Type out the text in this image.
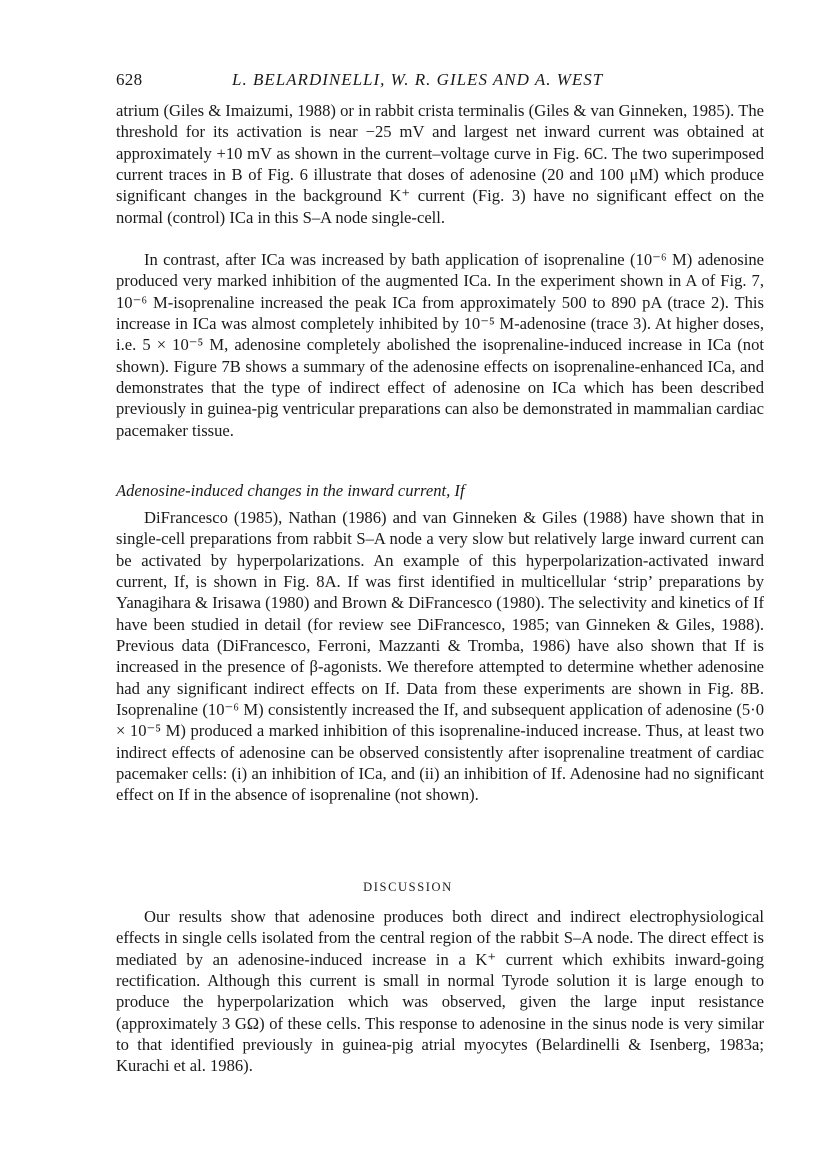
628	L. BELARDINELLI, W. R. GILES AND A. WEST

atrium (Giles & Imaizumi, 1988) or in rabbit crista terminalis (Giles & van Ginneken, 1985). The threshold for its activation is near −25 mV and largest net inward current was obtained at approximately +10 mV as shown in the current–voltage curve in Fig. 6C. The two superimposed current traces in B of Fig. 6 illustrate that doses of adenosine (20 and 100 μM) which produce significant changes in the background K⁺ current (Fig. 3) have no significant effect on the normal (control) ICa in this S–A node single-cell.

In contrast, after ICa was increased by bath application of isoprenaline (10⁻⁶ M) adenosine produced very marked inhibition of the augmented ICa. In the experiment shown in A of Fig. 7, 10⁻⁶ M-isoprenaline increased the peak ICa from approximately 500 to 890 pA (trace 2). This increase in ICa was almost completely inhibited by 10⁻⁵ M-adenosine (trace 3). At higher doses, i.e. 5 × 10⁻⁵ M, adenosine completely abolished the isoprenaline-induced increase in ICa (not shown). Figure 7B shows a summary of the adenosine effects on isoprenaline-enhanced ICa, and demonstrates that the type of indirect effect of adenosine on ICa which has been described previously in guinea-pig ventricular preparations can also be demonstrated in mammalian cardiac pacemaker tissue.

Adenosine-induced changes in the inward current, If

DiFrancesco (1985), Nathan (1986) and van Ginneken & Giles (1988) have shown that in single-cell preparations from rabbit S–A node a very slow but relatively large inward current can be activated by hyperpolarizations. An example of this hyperpolarization-activated inward current, If, is shown in Fig. 8A. If was first identified in multicellular ‘strip’ preparations by Yanagihara & Irisawa (1980) and Brown & DiFrancesco (1980). The selectivity and kinetics of If have been studied in detail (for review see DiFrancesco, 1985; van Ginneken & Giles, 1988). Previous data (DiFrancesco, Ferroni, Mazzanti & Tromba, 1986) have also shown that If is increased in the presence of β-agonists. We therefore attempted to determine whether adenosine had any significant indirect effects on If. Data from these experiments are shown in Fig. 8B. Isoprenaline (10⁻⁶ M) consistently increased the If, and subsequent application of adenosine (5·0 × 10⁻⁵ M) produced a marked inhibition of this isoprenaline-induced increase. Thus, at least two indirect effects of adenosine can be observed consistently after isoprenaline treatment of cardiac pacemaker cells: (i) an inhibition of ICa, and (ii) an inhibition of If. Adenosine had no significant effect on If in the absence of isoprenaline (not shown).

DISCUSSION

Our results show that adenosine produces both direct and indirect electrophysiological effects in single cells isolated from the central region of the rabbit S–A node. The direct effect is mediated by an adenosine-induced increase in a K⁺ current which exhibits inward-going rectification. Although this current is small in normal Tyrode solution it is large enough to produce the hyperpolarization which was observed, given the large input resistance (approximately 3 GΩ) of these cells. This response to adenosine in the sinus node is very similar to that identified previously in guinea-pig atrial myocytes (Belardinelli & Isenberg, 1983a; Kurachi et al. 1986).
